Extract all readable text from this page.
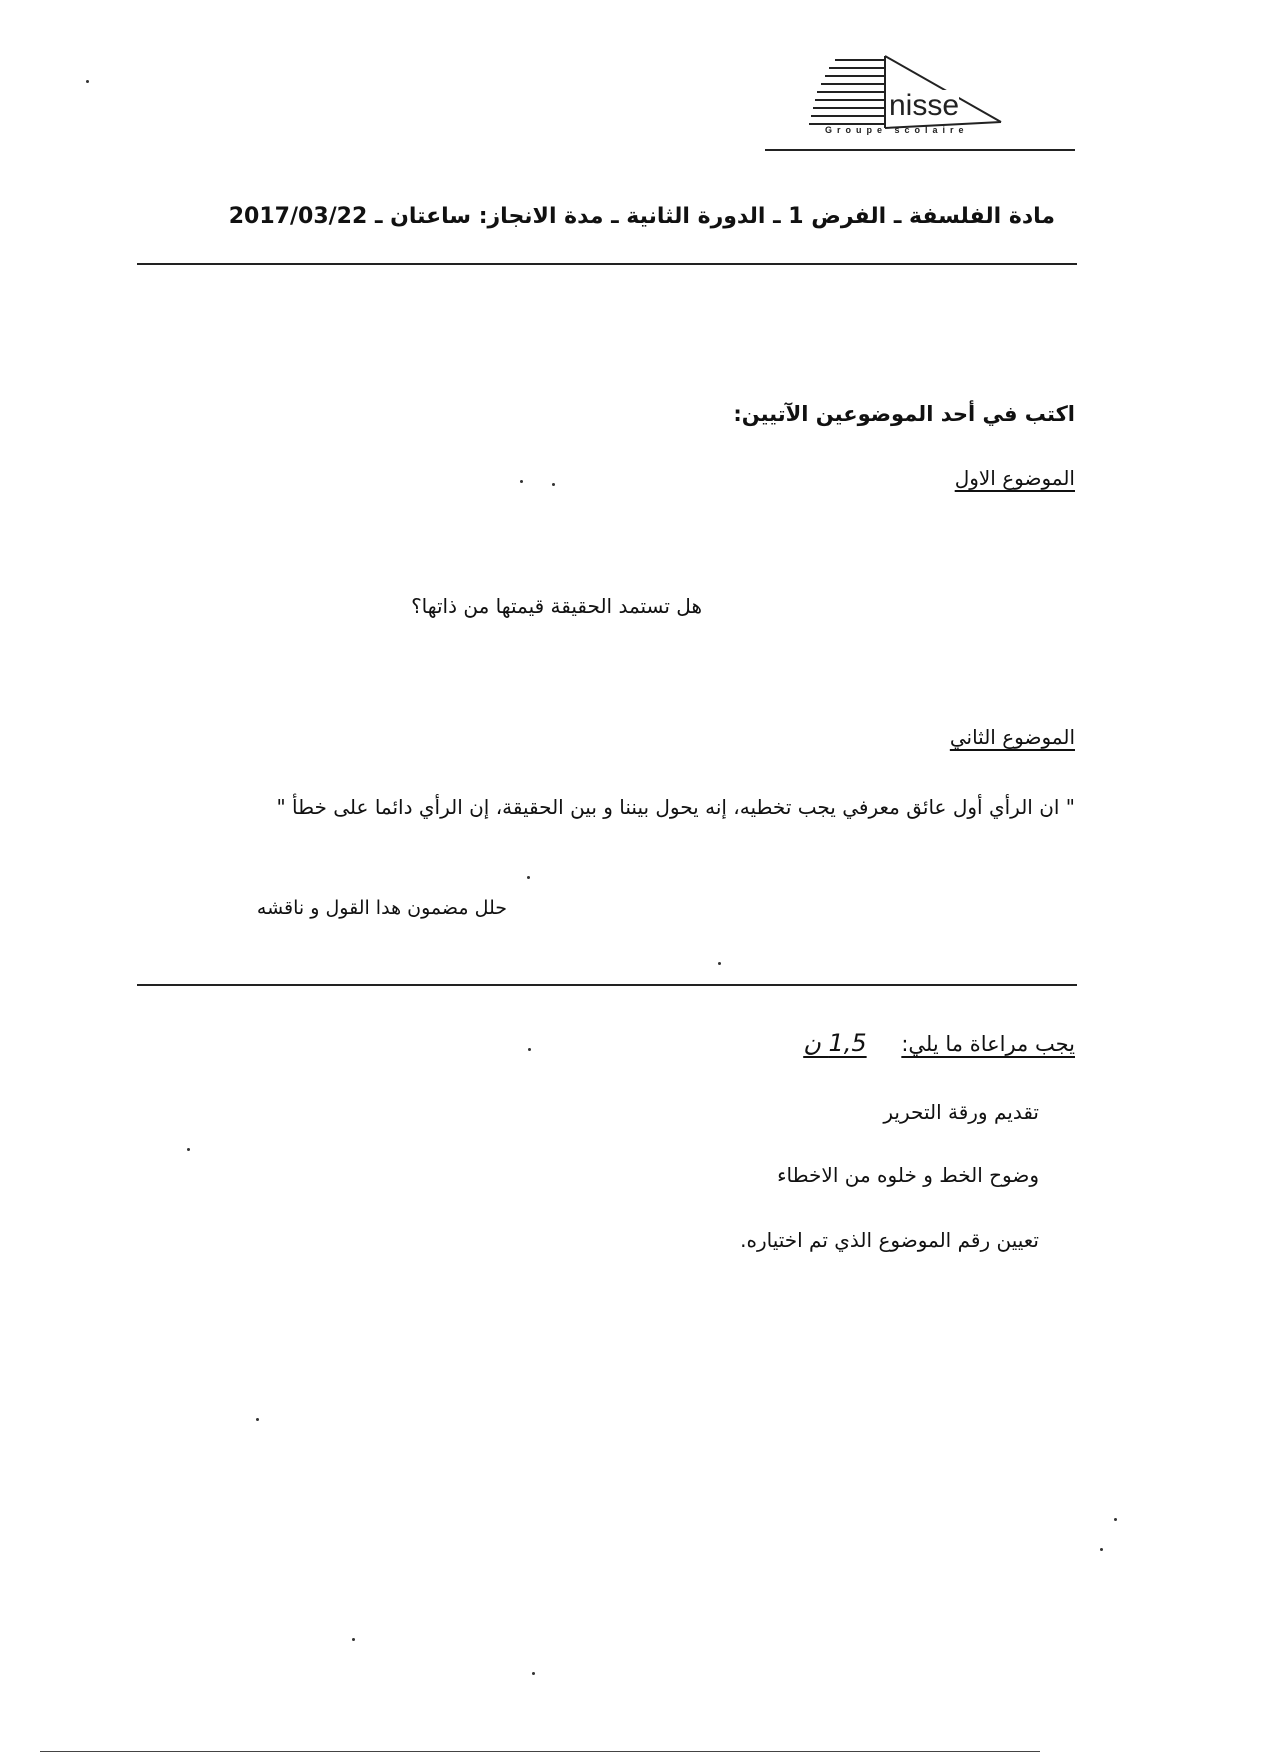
nisse
Groupe scolaire
مادة الفلسفة ـ الفرض 1 ـ الدورة الثانية ـ مدة الانجاز: ساعتان ـ 2017/03/22
اكتب في أحد الموضوعين الآتيين:
الموضوع الاول
هل تستمد الحقيقة قيمتها من ذاتها؟
الموضوع الثاني
" ان الرأي أول عائق معرفي يجب تخطيه، إنه يحول بيننا و بين الحقيقة، إن الرأي دائما على خطأ "
حلل مضمون هدا القول و ناقشه
يجب مراعاة ما يلي: 1,5 ن
تقديم ورقة التحرير
وضوح الخط و خلوه من الاخطاء
تعيين رقم الموضوع الذي تم اختياره.
